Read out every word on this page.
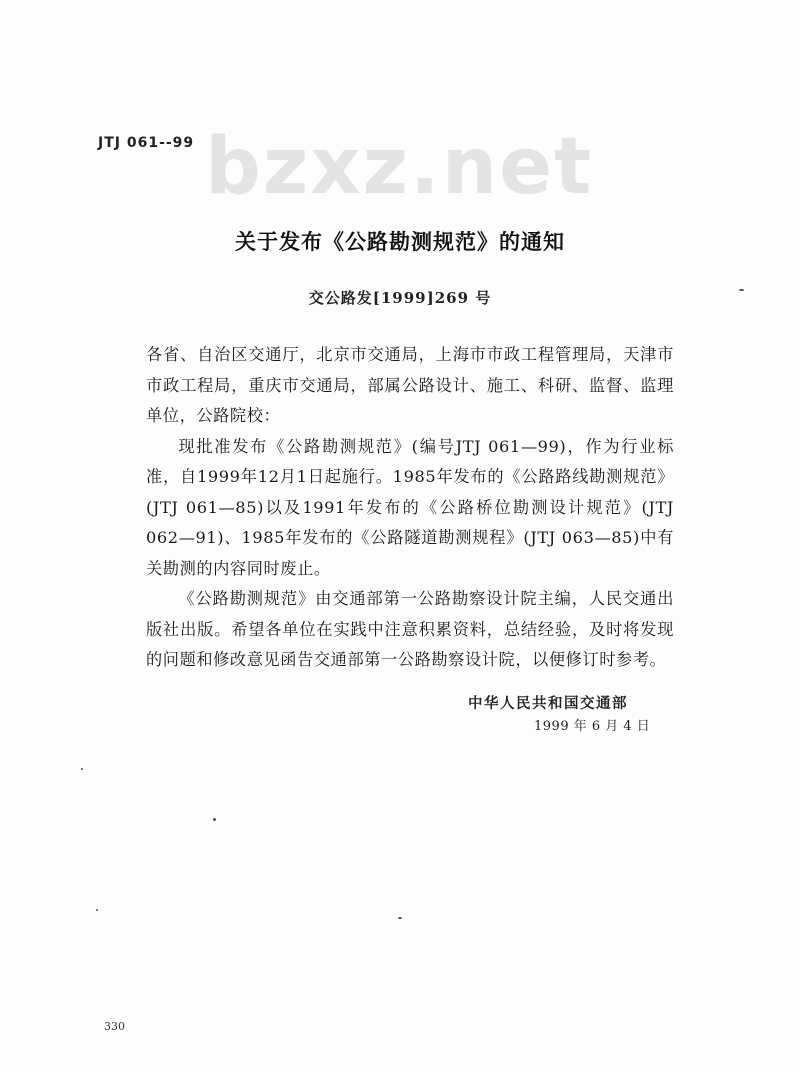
JTJ 061--99 bzxz.net
关于发布《公路勘测规范》的通知
交公路发[1999]269 号

各省、自治区交通厅，北京市交通局，上海市市政工程管理局，天津市市政工程局，重庆市交通局，部属公路设计、施工、科研、监督、监理单位，公路院校：

现批准发布《公路勘测规范》(编号JTJ 061—99)，作为行业标准，自1999年12月1日起施行。1985年发布的《公路路线勘测规范》(JTJ 061—85)以及1991年发布的《公路桥位勘测设计规范》(JTJ 062—91)、1985年发布的《公路隧道勘测规程》(JTJ 063—85)中有关勘测的内容同时废止。

《公路勘测规范》由交通部第一公路勘察设计院主编，人民交通出版社出版。希望各单位在实践中注意积累资料，总结经验，及时将发现的问题和修改意见函告交通部第一公路勘察设计院，以便修订时参考。

中华人民共和国交通部
1999 年 6 月 4 日
330
